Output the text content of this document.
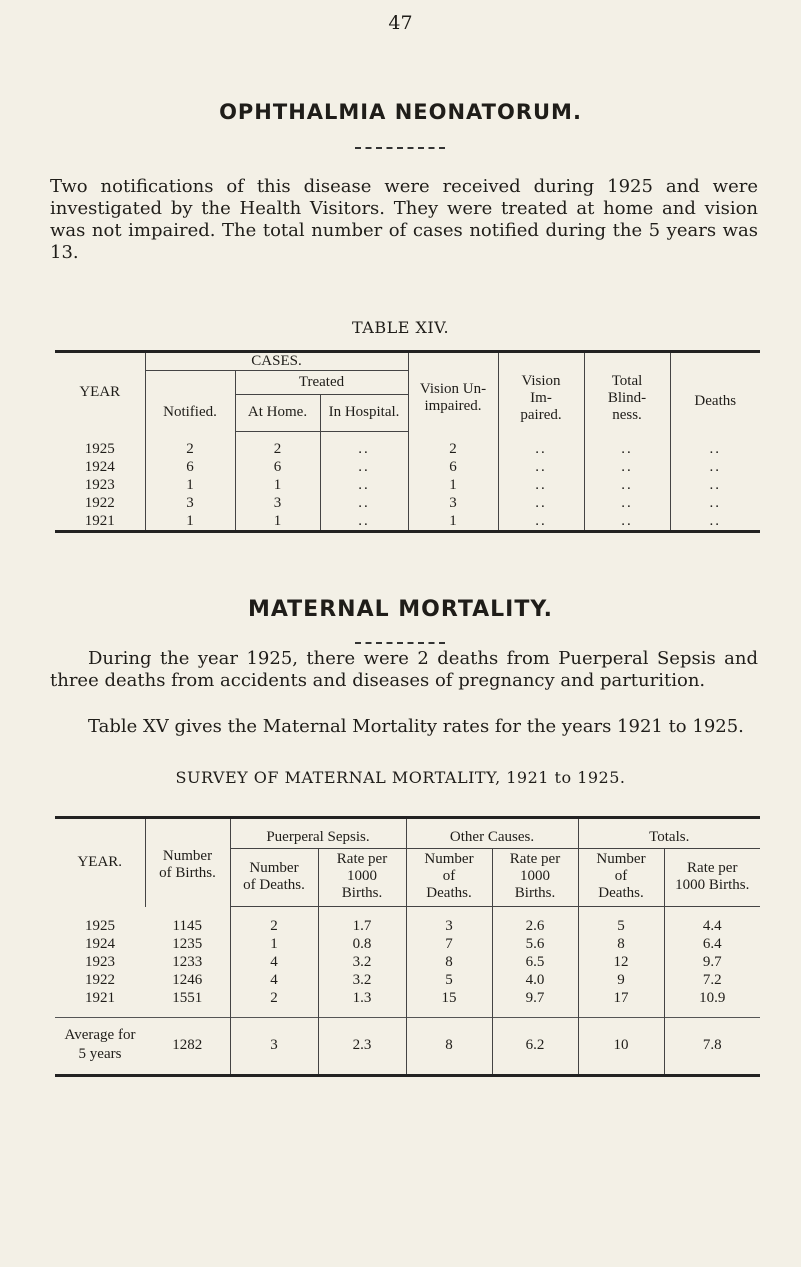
47
OPHTHALMIA NEONATORUM.
Two notifications of this disease were received during 1925 and were investigated by the Health Visitors. They were treated at home and vision was not impaired. The total number of cases notified during the 5 years was 13.
TABLE XIV.
YEAR	CASES.						
	Notified.	Treated		Vision Un-impaired.	Vision Im-paired.	Total Blind-ness.	Deaths
		At Home.	In Hospital.				
1925	2	2	..	2	..	..	..
1924	6	6	..	6	..	..	..
1923	1	1	..	1	..	..	..
1922	3	3	..	3	..	..	..
1921	1	1	..	1	..	..	..
MATERNAL MORTALITY.
During the year 1925, there were 2 deaths from Puerperal Sepsis and three deaths from accidents and diseases of pregnancy and parturition.
Table XV gives the Maternal Mortality rates for the years 1921 to 1925.
SURVEY OF MATERNAL MORTALITY, 1921 to 1925.
YEAR.	Number of Births.	Puerperal Sepsis.		Other Causes.		Totals.	
		Number of Deaths.	Rate per 1000 Births.	Number of Deaths.	Rate per 1000 Births.	Number of Deaths.	Rate per 1000 Births.
1925	1145	2	1.7	3	2.6	5	4.4
1924	1235	1	0.8	7	5.6	8	6.4
1923	1233	4	3.2	8	6.5	12	9.7
1922	1246	4	3.2	5	4.0	9	7.2
1921	1551	2	1.3	15	9.7	17	10.9
Average for 5 years	1282	3	2.3	8	6.2	10	7.8
